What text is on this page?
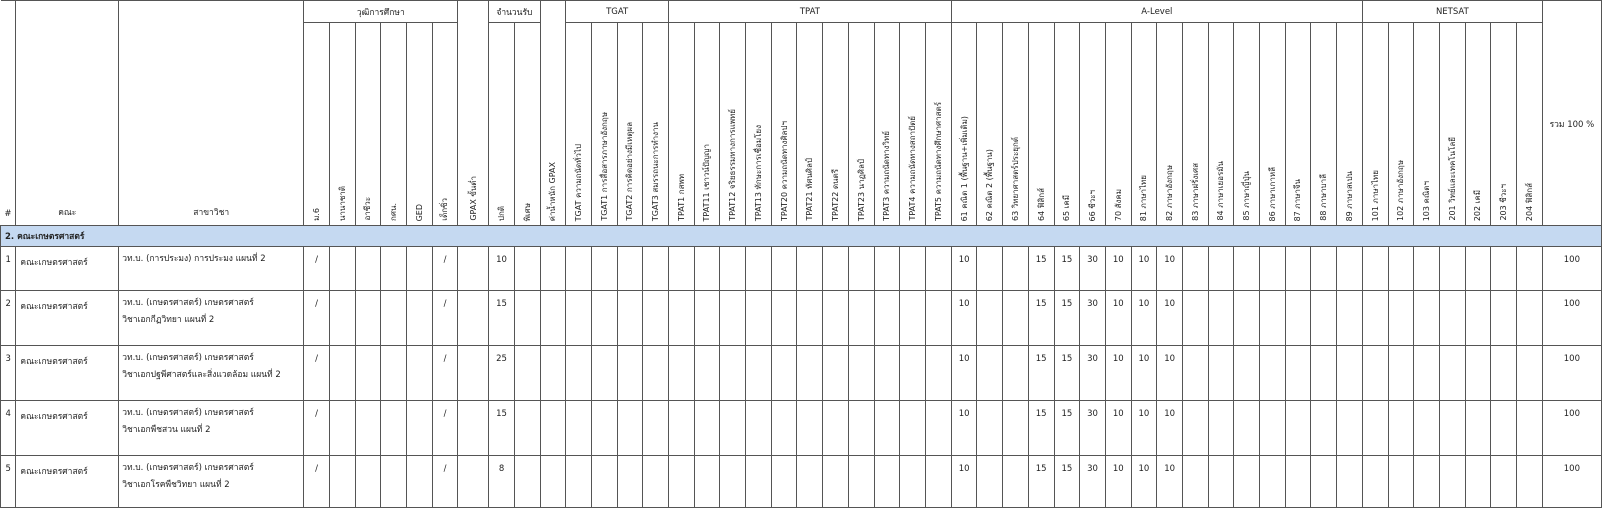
			วุฒิการศึกษา							จำนวนรับ			TGAT				TPAT											A-Level																NETSAT							

#	คณะ	สาขาวิชา	ม.6	นานาชาติ	อาชีวะ	กศน.	GED	เด็กซิ่ว	GPAX ขั้นต่ำ	ปกติ	พิเศษ	ค่าน้ำหนัก GPAX	TGAT ความถนัดทั่วไป	TGAT1 การสื่อสารภาษาอังกฤษ	TGAT2 การคิดอย่างมีเหตุผล	TGAT3 สมรรถนะการทำงาน	TPAT1 กสพท	TPAT11 เชาวน์ปัญญา	TPAT12 จริยธรรมทางการแพทย์	TPAT13 ทักษะการเชื่อมโยง	TPAT20 ความถนัดทางศิลปฯ	TPAT21 ทัศนศิลป์	TPAT22 ดนตรี	TPAT23 นาฏศิลป์	TPAT3 ความถนัดทางวิทย์	TPAT4 ความถนัดทางสถาปัตย์	TPAT5 ความถนัดทางศึกษาศาสตร์	61 คณิต 1 (พื้นฐาน+เพิ่มเติม)	62 คณิต 2 (พื้นฐาน)	63 วิทยาศาสตร์ประยุกต์	64 ฟิสิกส์	65 เคมี	66 ชีวะฯ	70 สังคม	81 ภาษาไทย	82 ภาษาอังกฤษ	83 ภาษาฝรั่งเศส	84 ภาษาเยอรมัน	85 ภาษาญี่ปุ่น	86 ภาษาเกาหลี	87 ภาษาจีน	88 ภาษาบาลี	89 ภาษาสเปน	101 ภาษาไทย	102 ภาษาอังกฤษ	103 คณิตฯ	201 วิทย์และเทคโนโลยี	202 เคมี	203 ชีวะฯ	204 ฟิสิกส์	รวม 100 %
2. คณะเกษตรศาสตร์																																																			
1	คณะเกษตรศาสตร์	วท.บ. (การประมง) การประมง แผนที่ 2	/					/		10																		10			15	15	30	10	10	10															100
2	คณะเกษตรศาสตร์	วท.บ. (เกษตรศาสตร์) เกษตรศาสตร์
วิชาเอกกีฏวิทยา แผนที่ 2	/					/		15																		10			15	15	30	10	10	10															100
3	คณะเกษตรศาสตร์	วท.บ. (เกษตรศาสตร์) เกษตรศาสตร์
วิชาเอกปฐพีศาสตร์และสิ่งแวดล้อม แผนที่ 2	/					/		25																		10			15	15	30	10	10	10															100
4	คณะเกษตรศาสตร์	วท.บ. (เกษตรศาสตร์) เกษตรศาสตร์
วิชาเอกพืชสวน แผนที่ 2	/					/		15																		10			15	15	30	10	10	10															100
5	คณะเกษตรศาสตร์	วท.บ. (เกษตรศาสตร์) เกษตรศาสตร์
วิชาเอกโรคพืชวิทยา แผนที่ 2	/					/		8																		10			15	15	30	10	10	10															100
